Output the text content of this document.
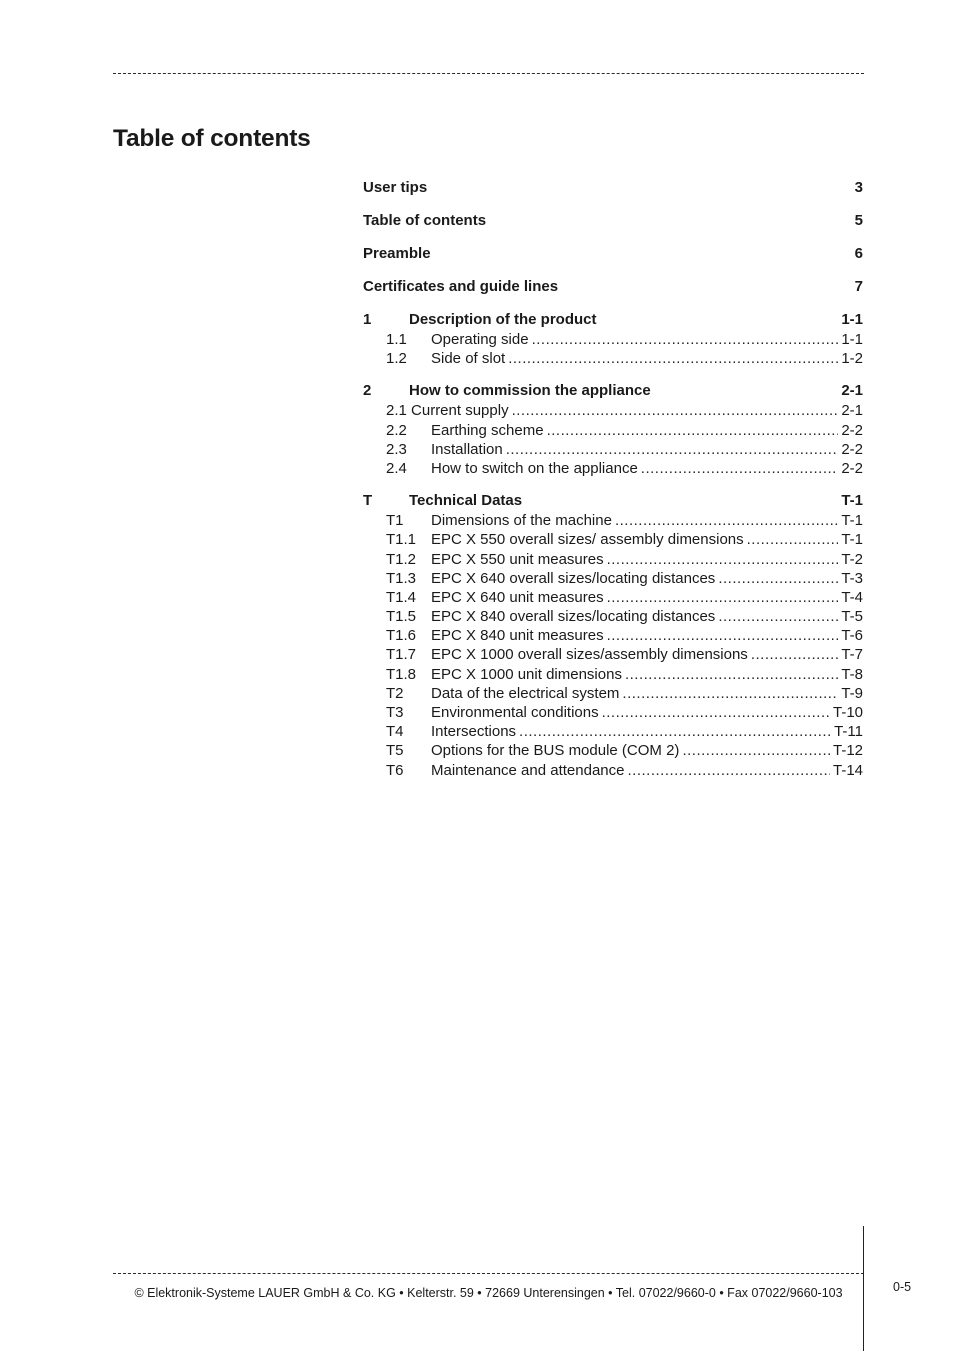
Table of contents
User tips	3
Table of contents	5
Preamble	6
Certificates and guide lines	7
1	Description of the product	1-1
1.1	Operating side .....	1-1
1.2	Side of slot .....	1-2
2	How to commission the appliance	2-1
2.1 Current supply .....	2-1
2.2	Earthing scheme .....	2-2
2.3	Installation .....	2-2
2.4	How to switch on the appliance .....	2-2
T	Technical Datas	T-1
T1	Dimensions of the machine .....	T-1
T1.1 EPC X 550 overall sizes/ assembly dimensions .....	T-1
T1.2 EPC X 550 unit measures .....	T-2
T1.3 EPC X 640 overall sizes/locating distances .....	T-3
T1.4 EPC X 640 unit measures .....	T-4
T1.5 EPC X 840 overall sizes/locating distances .....	T-5
T1.6 EPC X 840 unit measures .....	T-6
T1.7 EPC X 1000 overall sizes/assembly dimensions .....	T-7
T1.8 EPC X 1000 unit dimensions .....	T-8
T2	Data of the electrical system .....	T-9
T3	Environmental conditions .....	T-10
T4	Intersections .....	T-11
T5	Options for the BUS module (COM 2) .....	T-12
T6	Maintenance and attendance .....	T-14
© Elektronik-Systeme LAUER GmbH & Co. KG • Kelterstr. 59 • 72669 Unterensingen • Tel. 07022/9660-0 • Fax 07022/9660-103	0-5
